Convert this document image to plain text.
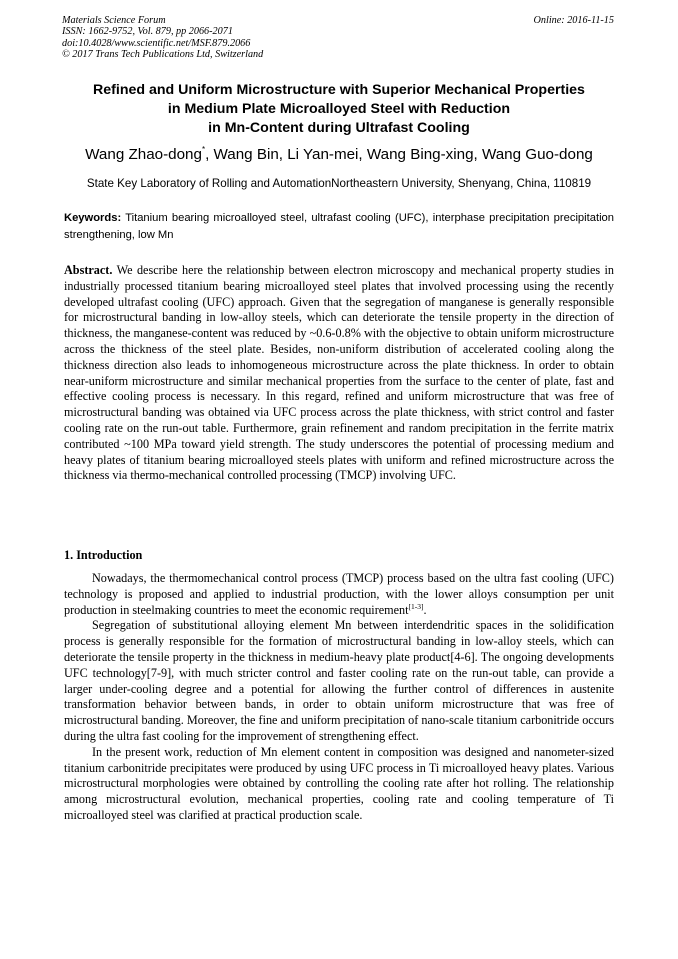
Materials Science Forum
ISSN: 1662-9752, Vol. 879, pp 2066-2071
doi:10.4028/www.scientific.net/MSF.879.2066
© 2017 Trans Tech Publications Ltd, Switzerland
Online: 2016-11-15
Refined and Uniform Microstructure with Superior Mechanical Properties
in Medium Plate Microalloyed Steel with Reduction
in Mn-Content during Ultrafast Cooling
Wang Zhao-dong*, Wang Bin, Li Yan-mei, Wang Bing-xing, Wang Guo-dong
State Key Laboratory of Rolling and AutomationNortheastern University, Shenyang, China, 110819
Keywords: Titanium bearing microalloyed steel, ultrafast cooling (UFC), interphase precipitation precipitation strengthening, low Mn
Abstract. We describe here the relationship between electron microscopy and mechanical property studies in industrially processed titanium bearing microalloyed steel plates that involved processing using the recently developed ultrafast cooling (UFC) approach. Given that the segregation of manganese is generally responsible for microstructural banding in low-alloy steels, which can deteriorate the tensile property in the direction of thickness, the manganese-content was reduced by ~0.6-0.8% with the objective to obtain uniform microstructure across the thickness of the steel plate. Besides, non-uniform distribution of accelerated cooling along the thickness direction also leads to inhomogeneous microstructure across the plate thickness. In order to obtain near-uniform microstructure and similar mechanical properties from the surface to the center of plate, fast and effective cooling process is necessary. In this regard, refined and uniform microstructure that was free of microstructural banding was obtained via UFC process across the plate thickness, with strict control and faster cooling rate on the run-out table. Furthermore, grain refinement and random precipitation in the ferrite matrix contributed ~100 MPa toward yield strength. The study underscores the potential of processing medium and heavy plates of titanium bearing microalloyed steels plates with uniform and refined microstructure across the thickness via thermo-mechanical controlled processing (TMCP) involving UFC.
1. Introduction

Nowadays, the thermomechanical control process (TMCP) process based on the ultra fast cooling (UFC) technology is proposed and applied to industrial production, with the lower alloys consumption per unit production in steelmaking countries to meet the economic requirement[1-3].

Segregation of substitutional alloying element Mn between interdendritic spaces in the solidification process is generally responsible for the formation of microstructural banding in low-alloy steels, which can deteriorate the tensile property in the thickness in medium-heavy plate product[4-6]. The ongoing developments UFC technology[7-9], with much stricter control and faster cooling rate on the run-out table, can provide a larger under-cooling degree and a potential for allowing the further control of differences in austenite transformation behavior between bands, in order to obtain uniform microstructure that was free of microstructural banding. Moreover, the fine and uniform precipitation of nano-scale titanium carbonitride occurs during the ultra fast cooling for the improvement of strengthening effect.

In the present work, reduction of Mn element content in composition was designed and nanometer-sized titanium carbonitride precipitates were produced by using UFC process in Ti microalloyed heavy plates. Various microstructural morphologies were obtained by controlling the cooling rate after hot rolling. The relationship among microstructural evolution, mechanical properties, cooling rate and cooling temperature of Ti microalloyed steel was clarified at practical production scale.
